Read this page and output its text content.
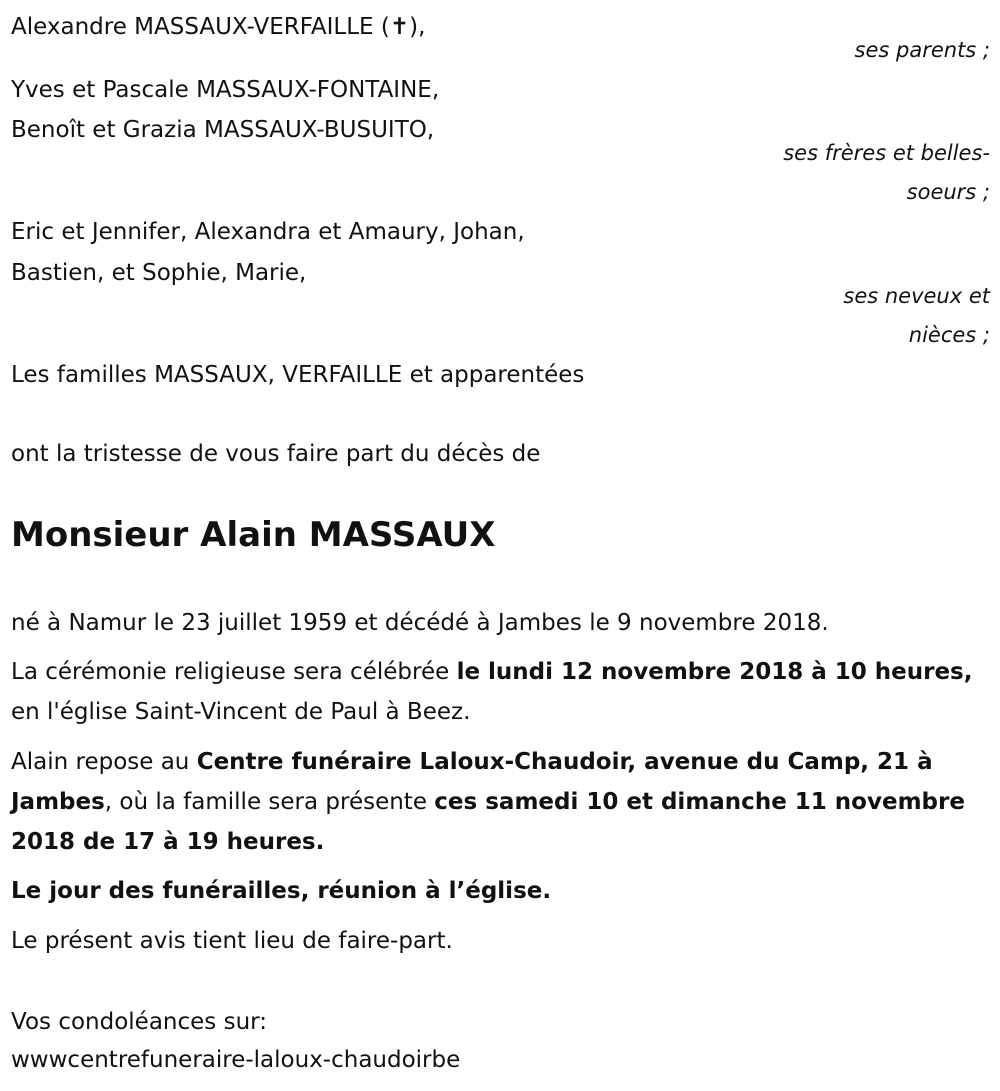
Alexandre MASSAUX-VERFAILLE (✝),

ses parents ;

Yves et Pascale MASSAUX-FONTAINE,

Benoît et Grazia MASSAUX-BUSUITO,

ses frères et belles-

soeurs ;

Eric et Jennifer, Alexandra et Amaury, Johan,

Bastien, et Sophie, Marie,

ses neveux et

nièces ;

Les familles MASSAUX, VERFAILLE et apparentées

ont la tristesse de vous faire part du décès de

Monsieur Alain MASSAUX

né à Namur le 23 juillet 1959 et décédé à Jambes le 9 novembre 2018.

La cérémonie religieuse sera célébrée le lundi 12 novembre 2018 à 10 heures, en l'église Saint-Vincent de Paul à Beez.

Alain repose au Centre funéraire Laloux-Chaudoir, avenue du Camp, 21 à Jambes, où la famille sera présente ces samedi 10 et dimanche 11 novembre 2018 de 17 à 19 heures.

Le jour des funérailles, réunion à l’église.

Le présent avis tient lieu de faire-part.

Vos condoléances sur:

wwwcentrefuneraire-laloux-chaudoirbe
